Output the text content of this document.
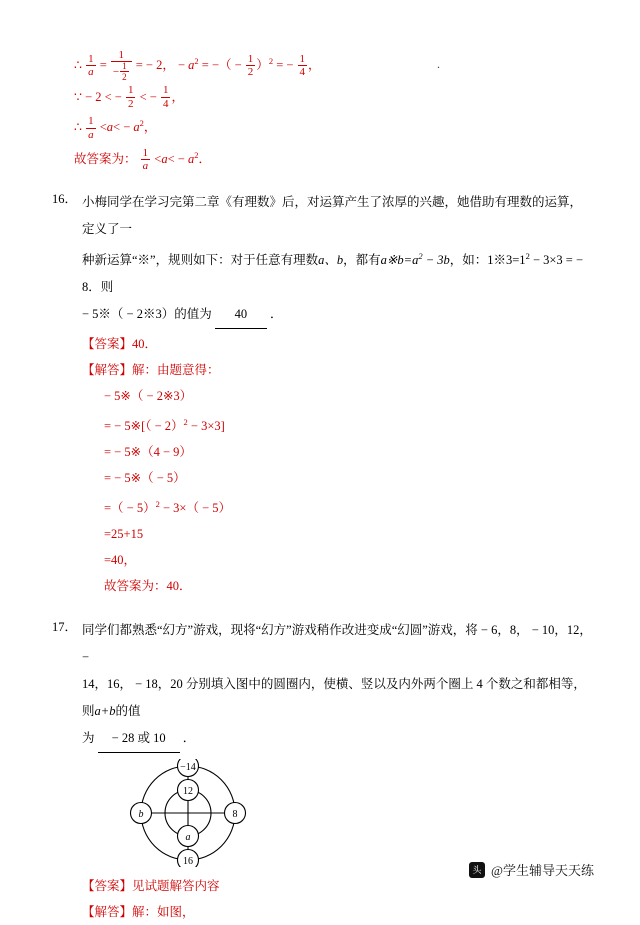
.
∴ $\frac{1}{a} = \frac{1}{- \frac{1}{2}}$ = − 2， − $a^2$ = −（ − $\frac{1}{2} )^2$ = − $\frac{1}{4}$ ，
∵ − 2 < − $\frac{1}{2}$ < − $\frac{1}{4}$ ，
∴ $\frac{1}{a} <a< - a^2$，
故答案为： $\frac{1}{a} <a< - a^2$．
16． 小梅同学在学习完第二章《有理数》后，对运算产生了浓厚的兴趣，她借助有理数的运算，定义了一
种新运算“※”，规则如下：对于任意有理数a、b，都有$a※b=a^2 - 3b$，如：$1※3=1^2 - 3\times 3$ = − 8．则
− 5※（ − 2※3）的值为 40 ．
【答案】40．
【解答】解：由题意得：
− 5※（ − 2※3）
= − 5※[（ − 2）$^2$ − 3×3]
= − 5※（4 − 9）
= − 5※（ − 5）
=（ − 5）$^2$ − 3×（ − 5）
=25+15
=40，
故答案为：40．
17． 同学们都熟悉“幻方”游戏，现将“幻方”游戏稍作改进变成“幻圆”游戏，将 − 6，8， − 10，12， −
14，16， − 18，20 分别填入图中的圆圈内，使横、竖以及内外两个圈上 4 个数之和都相等，则a+b的值
为 − 28 或 10 ．
−14
12
b	8
a
16
【答案】见试题解答内容
【解答】解：如图，
头条
@学生辅导天天练
